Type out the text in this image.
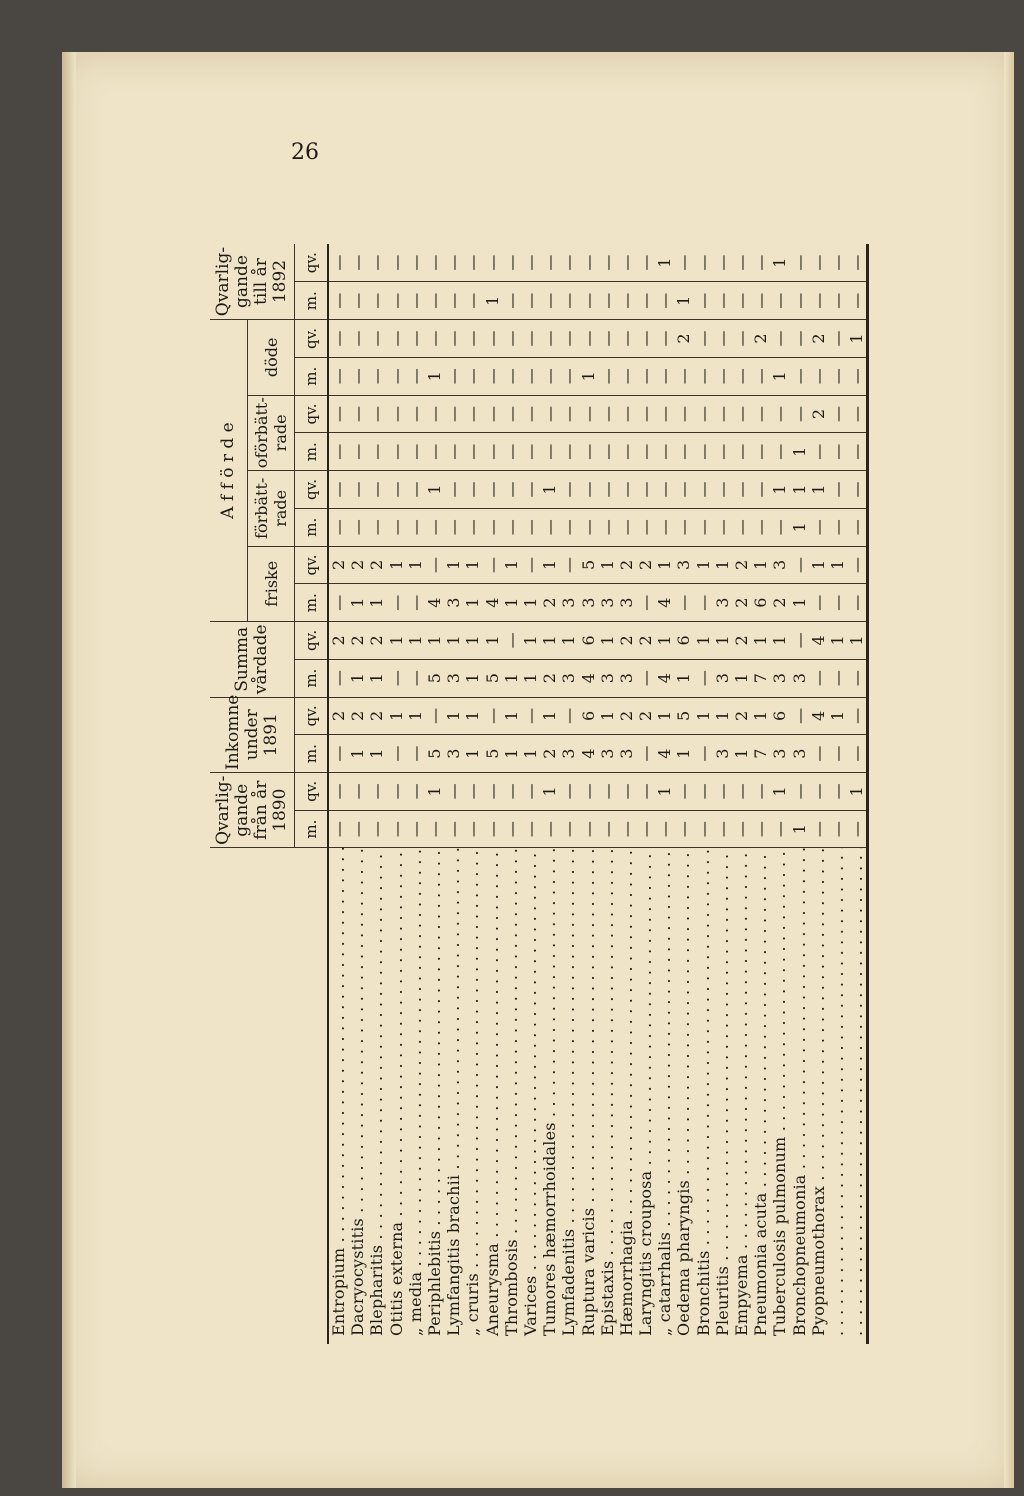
26
	Qvarlig-gande från år 1890		Inkomne under 1891		Summa vårdade		A f f ö r d e								Qvarlig-gande till år 1892	
							friske		förbätt-rade		oförbätt-rade		döde			
	m.	qv.	m.	qv.	m.	qv.	m.	qv.	m.	qv.	m.	qv.	m.	qv.	m.	qv.
Entropium . . .	—	—	—	2	—	2	—	2	—	—	—	—	—	—	—	—
Dacryocystitis . . .	—	—	1	2	1	2	1	2	—	—	—	—	—	—	—	—
Blepharitis . . .	—	—	1	2	1	2	1	2	—	—	—	—	—	—	—	—
Otitis externa . . .	—	—	—	1	—	1	—	1	—	—	—	—	—	—	—	—
„ media . . .	—	—	—	1	—	1	—	1	—	—	—	—	—	—	—	—
Periphlebitis . . .	—	1	5	—	5	1	4	—	—	1	—	—	1	—	—	—
Lymfangitis brachii . . .	—	—	3	1	3	1	3	1	—	—	—	—	—	—	—	—
„ cruris . . .	—	—	1	1	1	1	1	1	—	—	—	—	—	—	—	—
Aneurysma . . .	—	—	5	—	5	1	4	—	—	—	—	—	—	—	1	—
Thrombosis . . .	—	—	1	1	1	—	1	1	—	—	—	—	—	—	—	—
Varices . . .	—	—	1	—	1	1	1	—	—	—	—	—	—	—	—	—
Tumores hæmorrhoidales . . .	—	1	2	1	2	1	2	1	—	1	—	—	—	—	—	—
Lymfadenitis . . .	—	—	3	—	3	1	3	—	—	—	—	—	—	—	—	—
Ruptura varicis . . .	—	—	4	6	4	6	3	5	—	—	—	—	1	—	—	—
Epistaxis . . .	—	—	3	1	3	1	3	1	—	—	—	—	—	—	—	—
Hæmorrhagia . . .	—	—	3	2	3	2	3	2	—	—	—	—	—	—	—	—
Laryngitis crouposa . . .	—	—	—	2	—	2	—	2	—	—	—	—	—	—	—	—
„ catarrhalis . . .	—	1	4	1	4	1	4	1	—	—	—	—	—	—	—	1
Oedema pharyngis . . .	—	—	1	5	1	6	—	3	—	—	—	—	—	2	1	—
Bronchitis . . .	—	—	—	1	—	1	—	1	—	—	—	—	—	—	—	—
Pleuritis . . .	—	—	3	1	3	1	3	1	—	—	—	—	—	—	—	—
Empyema . . .	—	—	1	2	1	2	2	2	—	—	—	—	—	—	—	—
Pneumonia acuta . . .	—	—	7	1	7	1	6	1	—	—	—	—	—	2	—	—
Tuberculosis pulmonum . . .	—	1	3	6	3	1	2	3	—	1	—	—	1	—	—	1
Bronchopneumonia . . .	1	—	3	—	3	—	1	—	1	1	1	—	—	—	—	—
Pyopneumothorax . . .	—	—	—	4	—	4	—	1	—	1	—	2	—	2	—	—
. . .	—	—	—	1	—	1	—	1	—	—	—	—	—	—	—	—
. . .	—	1	—	—	—	1	—	—	—	—	—	—	—	1	—	—
